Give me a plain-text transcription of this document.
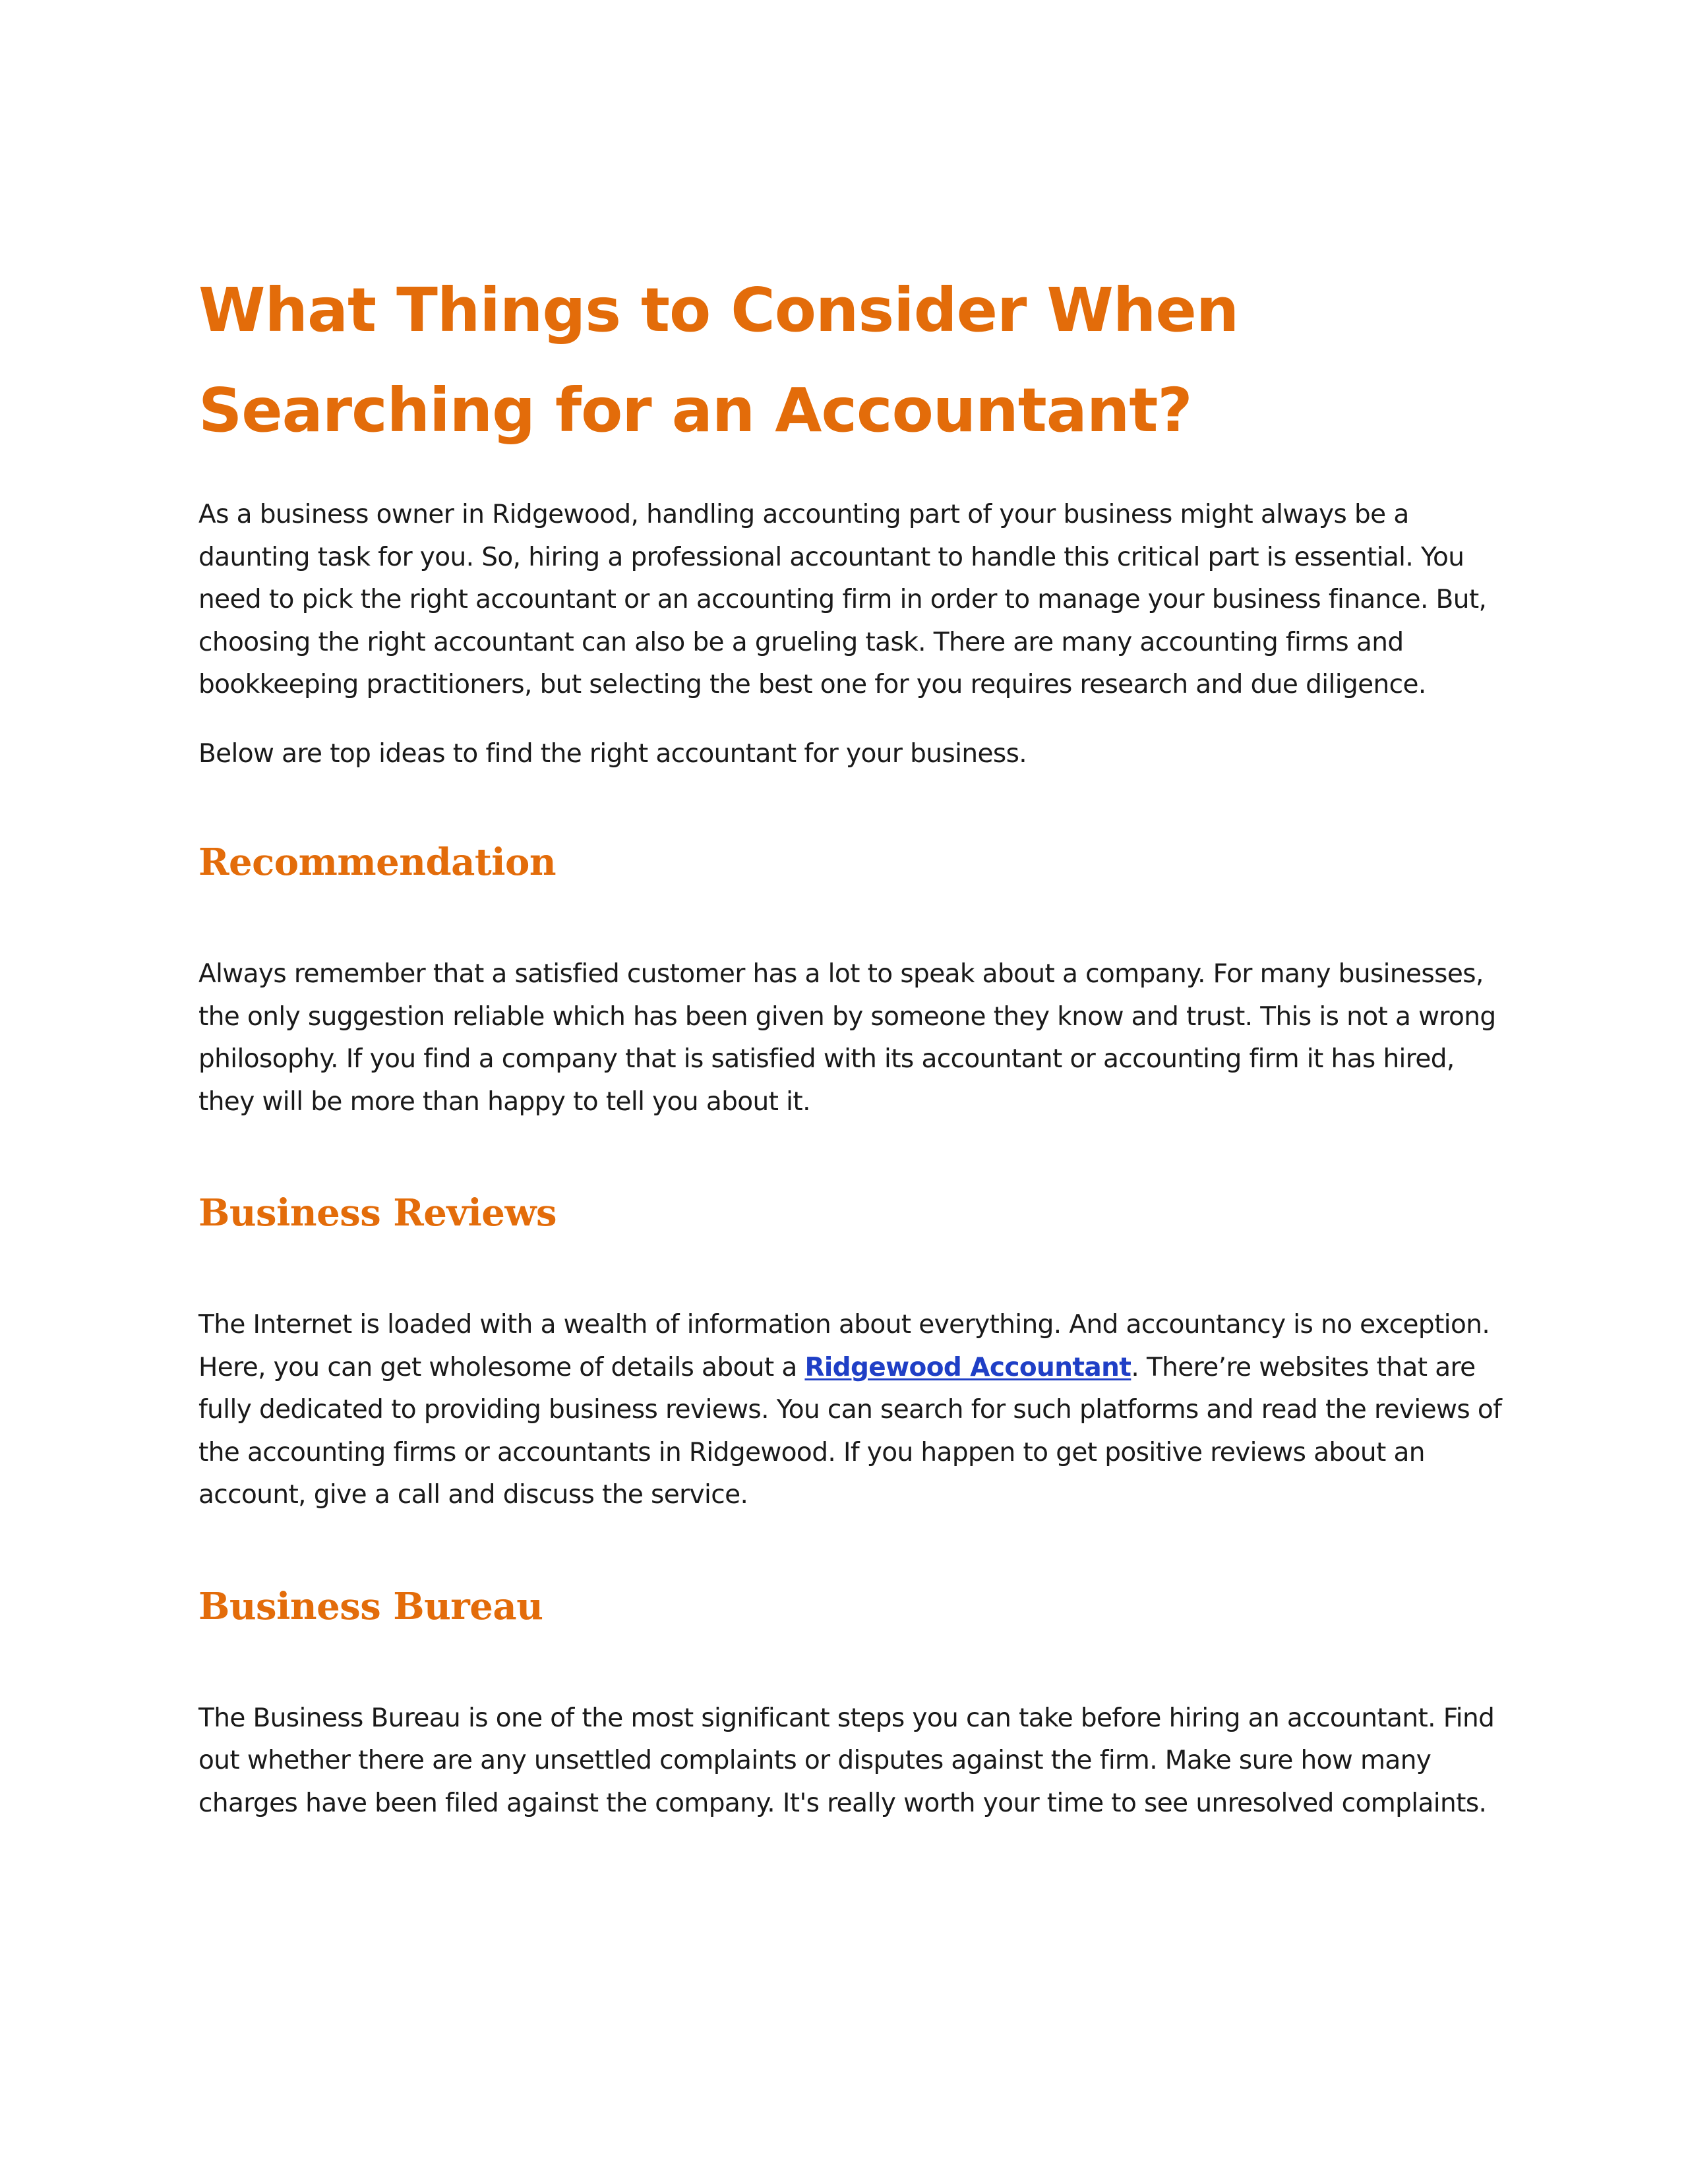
What Things to Consider When Searching for an Accountant?

As a business owner in Ridgewood, handling accounting part of your business might always be a daunting task for you. So, hiring a professional accountant to handle this critical part is essential. You need to pick the right accountant or an accounting firm in order to manage your business finance. But, choosing the right accountant can also be a grueling task. There are many accounting firms and bookkeeping practitioners, but selecting the best one for you requires research and due diligence.

Below are top ideas to find the right accountant for your business.

Recommendation

Always remember that a satisfied customer has a lot to speak about a company. For many businesses, the only suggestion reliable which has been given by someone they know and trust. This is not a wrong philosophy. If you find a company that is satisfied with its accountant or accounting firm it has hired, they will be more than happy to tell you about it.

Business Reviews

The Internet is loaded with a wealth of information about everything. And accountancy is no exception. Here, you can get wholesome of details about a Ridgewood Accountant. There’re websites that are fully dedicated to providing business reviews. You can search for such platforms and read the reviews of the accounting firms or accountants in Ridgewood. If you happen to get positive reviews about an account, give a call and discuss the service.

Business Bureau

The Business Bureau is one of the most significant steps you can take before hiring an accountant. Find out whether there are any unsettled complaints or disputes against the firm. Make sure how many charges have been filed against the company. It's really worth your time to see unresolved complaints.
